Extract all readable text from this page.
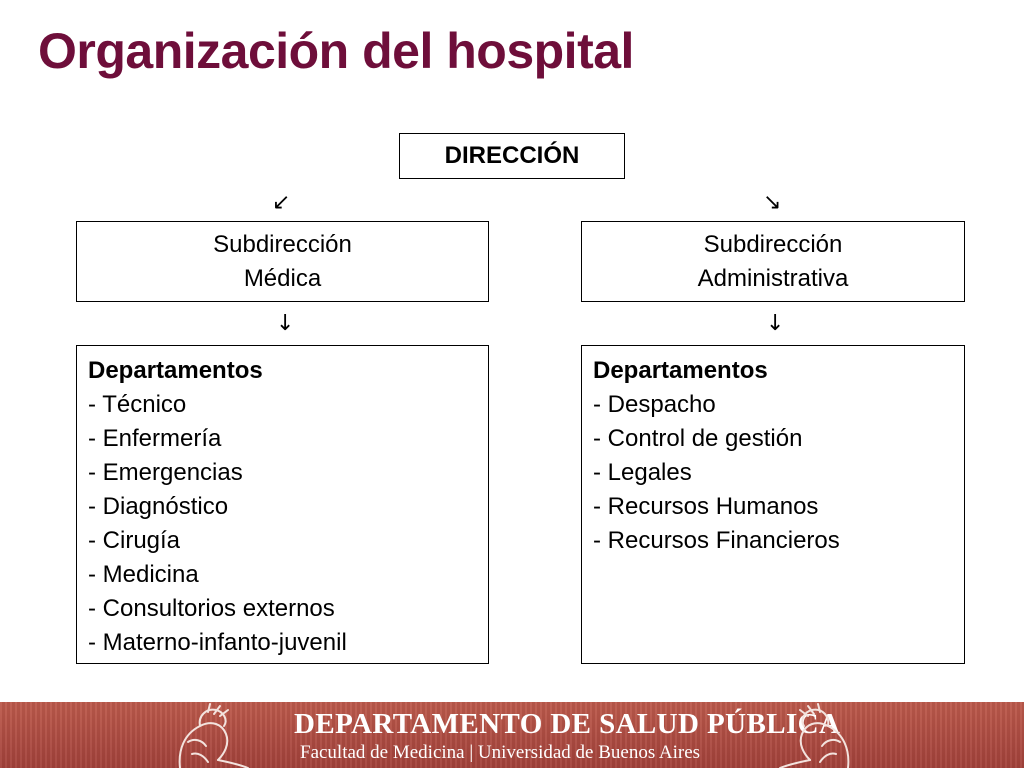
Organización del hospital
DIRECCIÓN
↙	↘
Subdirección
Médica
Subdirección
Administrativa
↓	↓
Departamentos
- Técnico
- Enfermería
- Emergencias
- Diagnóstico
- Cirugía
- Medicina
- Consultorios externos
- Materno-infanto-juvenil
Departamentos
- Despacho
- Control de gestión
- Legales
- Recursos Humanos
- Recursos Financieros
DEPARTAMENTO DE SALUD PÚBLICA
Facultad de Medicina | Universidad de Buenos Aires
